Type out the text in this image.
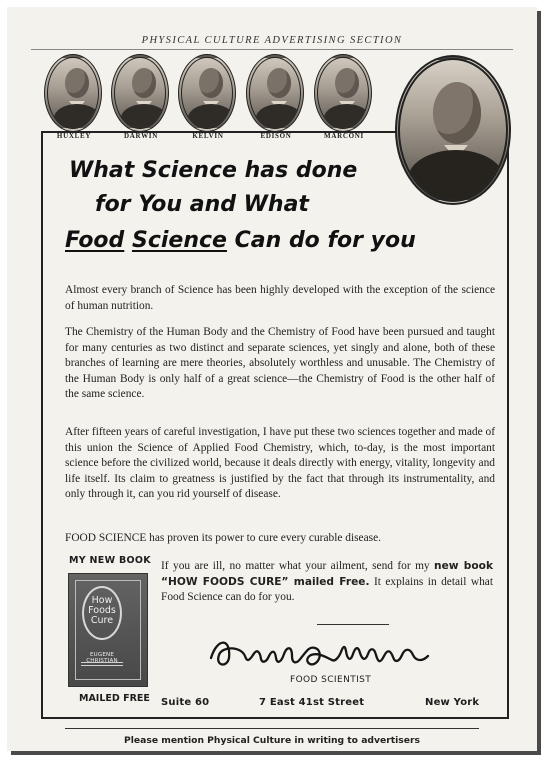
PHYSICAL CULTURE ADVERTISING SECTION
HUXLEY	DARWIN	KELVIN	EDISON	MARCONI
What Science has done
for You and What
Food Science Can do for you
Almost every branch of Science has been highly developed with the exception of the science of human nutrition.
The Chemistry of the Human Body and the Chemistry of Food have been pursued and taught for many centuries as two distinct and separate sciences, yet singly and alone, both of these branches of learning are mere theories, absolutely worthless and unusable. The Chemistry of the Human Body is only half of a great science—the Chemistry of Food is the other half of the same science.
After fifteen years of careful investigation, I have put these two sciences together and made of this union the Science of Applied Food Chemistry, which, to-day, is the most important science before the civilized world, because it deals directly with energy, vitality, longevity and life itself. Its claim to greatness is justified by the fact that through its instrumentality, and only through it, can you rid yourself of disease.
FOOD SCIENCE has proven its power to cure every curable disease.
MY NEW BOOK
How Foods Cure
EUGENE CHRISTIAN
MAILED FREE
If you are ill, no matter what your ailment, send for my new book “HOW FOODS CURE” mailed Free. It explains in detail what Food Science can do for you.
FOOD SCIENTIST
Suite 60	7 East 41st Street	New York
Please mention Physical Culture in writing to advertisers
